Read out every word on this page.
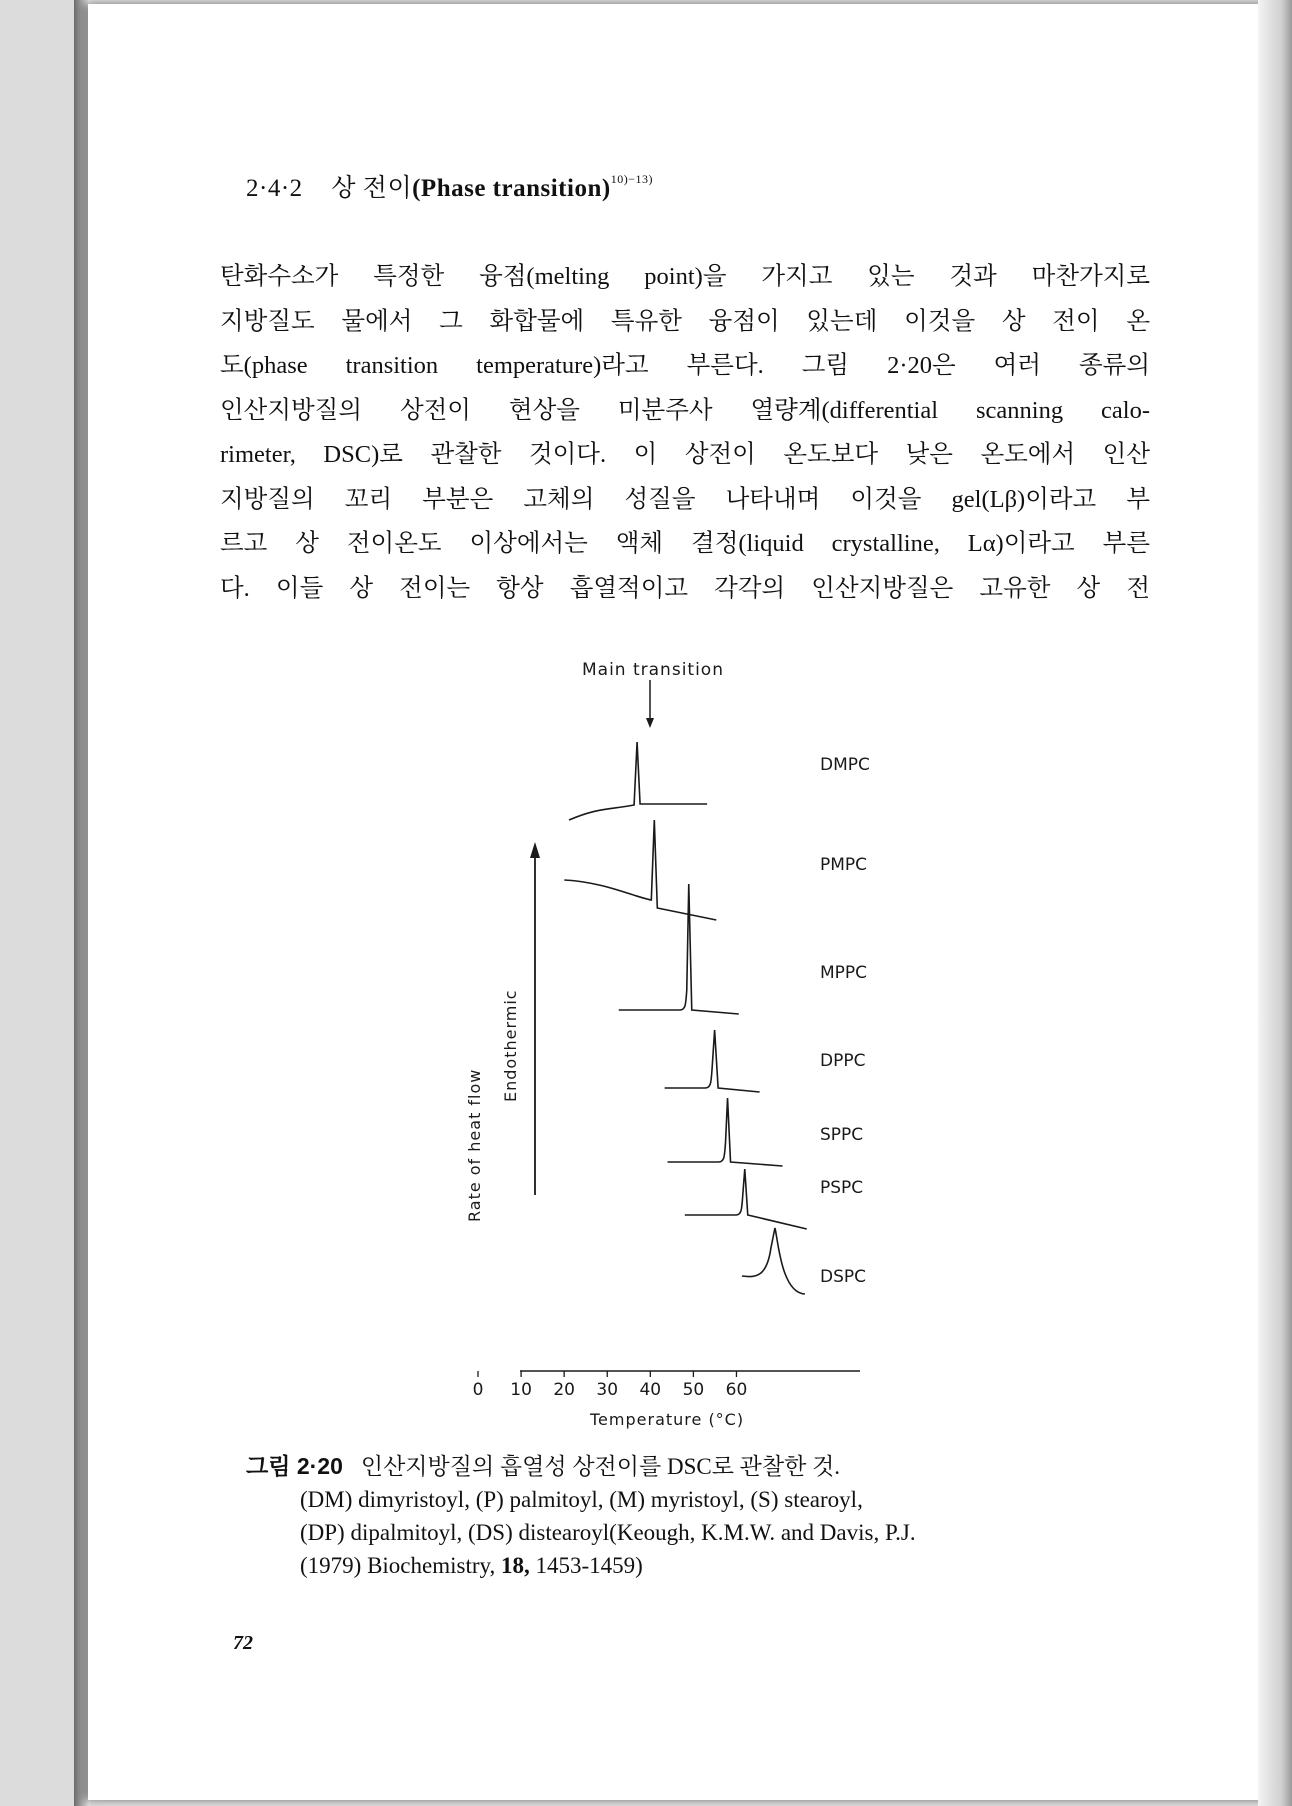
2·4·2 상 전이(Phase transition)$^{10)-13)}$
탄화수소가 특정한 융점(melting point)을 가지고 있는 것과 마찬가지로
지방질도 물에서 그 화합물에 특유한 융점이 있는데 이것을 상 전이 온
도(phase transition temperature)라고 부른다. 그림 2·20은 여러 종류의
인산지방질의 상전이 현상을 미분주사 열량계(differential scanning calo-
rimeter, DSC)로 관찰한 것이다. 이 상전이 온도보다 낮은 온도에서 인산
지방질의 꼬리 부분은 고체의 성질을 나타내며 이것을 gel(Lβ)이라고 부
르고 상 전이온도 이상에서는 액체 결정(liquid crystalline, Lα)이라고 부른
다. 이들 상 전이는 항상 흡열적이고 각각의 인산지방질은 고유한 상 전
Main transition
Endothermic
Rate of heat flow
DMPC
PMPC
MPPC
DPPC
SPPC
PSPC
DSPC
0 10 20 30 40 50 60
Temperature (°C)
그림 2·20 인산지방질의 흡열성 상전이를 DSC로 관찰한 것.
(DM) dimyristoyl, (P) palmitoyl, (M) myristoyl, (S) stearoyl,
(DP) dipalmitoyl, (DS) distearoyl(Keough, K.M.W. and Davis, P.J.
(1979) Biochemistry, 18, 1453-1459)
72
